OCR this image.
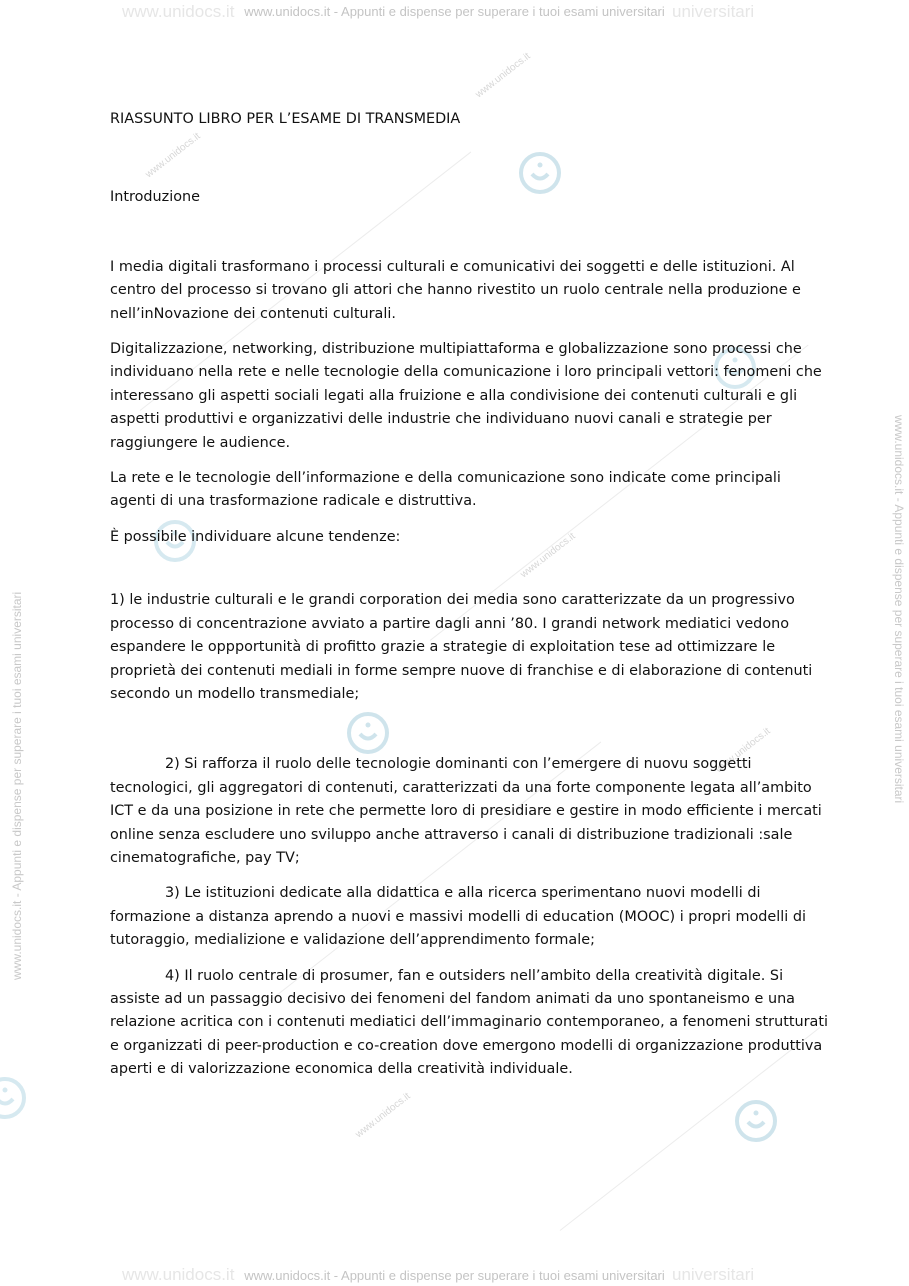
www.unidocs.it	universitari
www.unidocs.it - Appunti e dispense per superare i tuoi esami universitari
www.unidocs.it	universitari
www.unidocs.it - Appunti e dispense per superare i tuoi esami universitari
www.unidocs.it - Appunti e dispense per superare i tuoi esami universitari	www.unidocs.it - Appunti e dispense per superare i tuoi esami universitari
www.unidocs.it
www.unidocs.it
www.unidocs.it
www.unidocs.it
www.unidocs.it

RIASSUNTO LIBRO PER L’ESAME DI TRANSMEDIA

Introduzione

I media digitali trasformano i processi culturali e comunicativi dei soggetti e delle istituzioni. Al centro del processo si trovano gli attori che hanno rivestito un ruolo centrale nella produzione e nell’inNovazione dei contenuti culturali.

Digitalizzazione, networking, distribuzione multipiattaforma e globalizzazione sono processi che individuano nella rete e nelle tecnologie della comunicazione i loro principali vettori: fenomeni che interessano gli aspetti sociali legati alla fruizione e alla condivisione dei contenuti culturali e gli aspetti produttivi e organizzativi delle industrie che individuano nuovi canali e strategie per raggiungere le audience.

La rete e le tecnologie dell’informazione e della comunicazione sono indicate come principali agenti di una trasformazione radicale e distruttiva.

È possibile individuare alcune tendenze:

1) le industrie culturali e le grandi corporation dei media sono caratterizzate da un progressivo processo di concentrazione avviato a partire dagli anni ’80. I grandi network mediatici vedono espandere le oppportunità di profitto grazie a strategie di exploitation tese ad ottimizzare le proprietà dei contenuti mediali in forme sempre nuove di franchise e di elaborazione di contenuti secondo un modello transmediale;

2) Si rafforza il ruolo delle tecnologie dominanti con l’emergere di nuovu soggetti tecnologici, gli aggregatori di contenuti, caratterizzati da una forte componente legata all’ambito ICT e da una posizione in rete che permette loro di presidiare e gestire in modo efficiente i mercati online senza escludere uno sviluppo anche attraverso i canali di distribuzione tradizionali :sale cinematografiche, pay TV;

3) Le istituzioni dedicate alla didattica e alla ricerca sperimentano nuovi modelli di formazione a distanza aprendo a nuovi e massivi modelli di education (MOOC) i propri modelli di tutoraggio, medializione e validazione dell’apprendimento formale;

4) Il ruolo centrale di prosumer, fan e outsiders nell’ambito della creatività digitale. Si assiste ad un passaggio decisivo dei fenomeni del fandom animati da uno spontaneismo e una relazione acritica con i contenuti mediatici dell’immaginario contemporaneo, a fenomeni strutturati e organizzati di peer-production e co-creation dove emergono modelli di organizzazione produttiva aperti e di valorizzazione economica della creatività individuale.
